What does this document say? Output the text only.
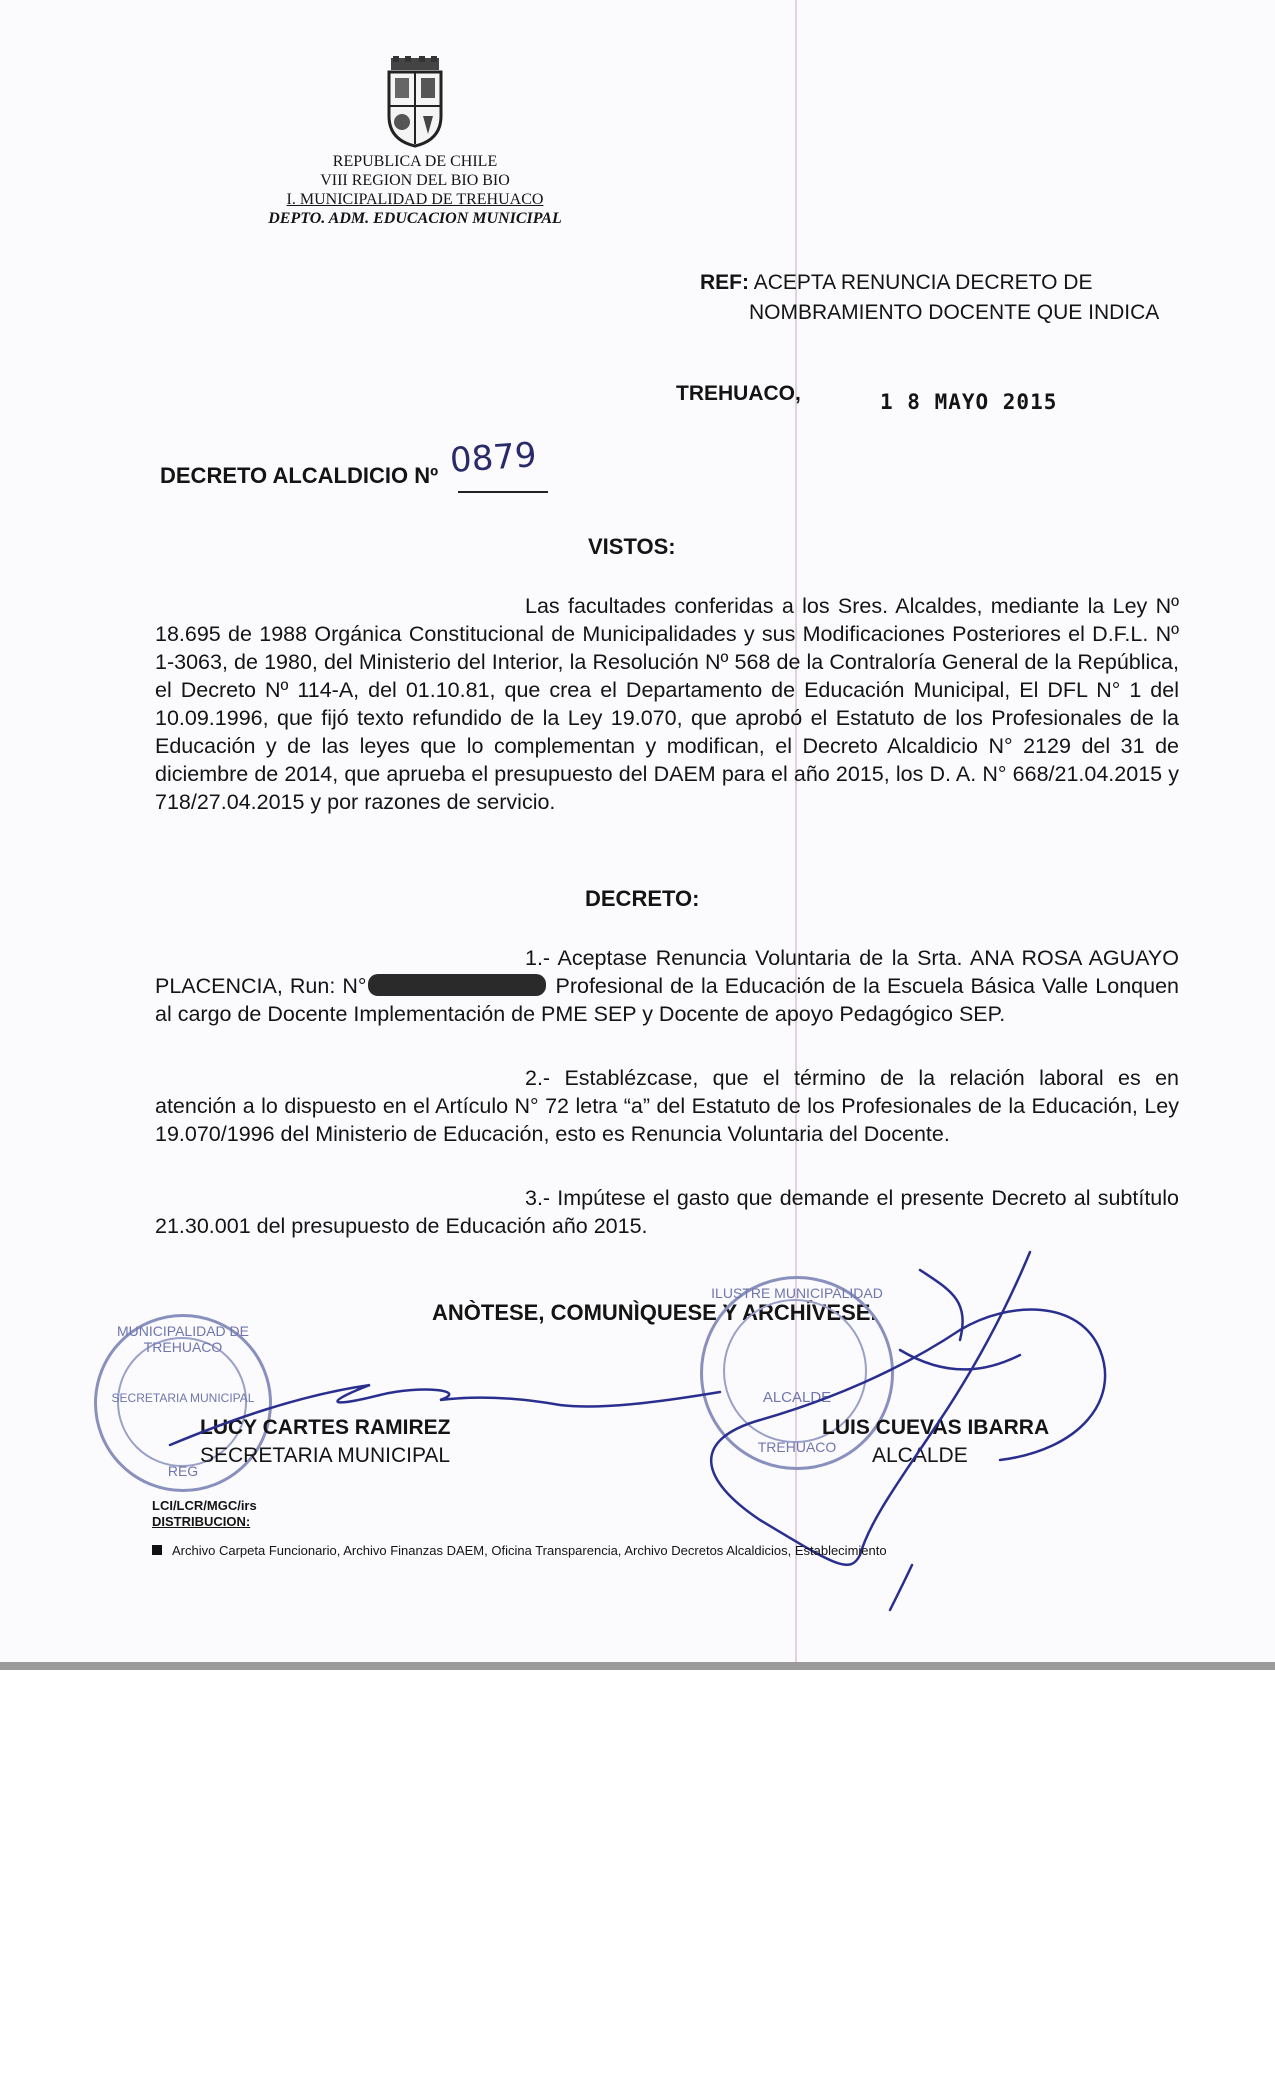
REPUBLICA DE CHILE
VIII REGION DEL BIO BIO
I. MUNICIPALIDAD DE TREHUACO
DEPTO. ADM. EDUCACION MUNICIPAL
REF: ACEPTA RENUNCIA DECRETO DE
NOMBRAMIENTO DOCENTE QUE INDICA
TREHUACO,	1 8 MAYO 2015
DECRETO ALCALDICIO Nº 0879
VISTOS:

Las facultades conferidas a los Sres. Alcaldes, mediante la Ley Nº 18.695 de 1988 Orgánica Constitucional de Municipalidades y sus Modificaciones Posteriores el D.F.L. Nº 1-3063, de 1980, del Ministerio del Interior, la Resolución Nº 568 de la Contraloría General de la República, el Decreto Nº 114-A, del 01.10.81, que crea el Departamento de Educación Municipal, El DFL N° 1 del 10.09.1996, que fijó texto refundido de la Ley 19.070, que aprobó el Estatuto de los Profesionales de la Educación y de las leyes que lo complementan y modifican, el Decreto Alcaldicio N° 2129 del 31 de diciembre de 2014, que aprueba el presupuesto del DAEM para el año 2015, los D. A. N° 668/21.04.2015 y 718/27.04.2015 y por razones de servicio.

DECRETO:

1.- Aceptase Renuncia Voluntaria de la Srta. ANA ROSA AGUAYO PLACENCIA, Run: N°	Profesional de la Educación de la Escuela Básica Valle Lonquen al cargo de Docente Implementación de PME SEP y Docente de apoyo Pedagógico SEP.

2.- Establézcase, que el término de la relación laboral es en atención a lo dispuesto en el Artículo N° 72 letra “a” del Estatuto de los Profesionales de la Educación, Ley 19.070/1996 del Ministerio de Educación, esto es Renuncia Voluntaria del Docente.

3.- Impútese el gasto que demande el presente Decreto al subtítulo 21.30.001 del presupuesto de Educación año 2015.

ANÒTESE, COMUNÌQUESE Y ARCHÍVESE.
MUNICIPALIDAD DE TREHUACO
SECRETARIA MUNICIPAL
REG
ILUSTRE MUNICIPALIDAD
ALCALDE
TREHUACO
LUCY CARTES RAMIREZ
SECRETARIA MUNICIPAL
LUIS CUEVAS IBARRA
ALCALDE
LCI/LCR/MGC/irs
DISTRIBUCION:
Archivo Carpeta Funcionario, Archivo Finanzas DAEM, Oficina Transparencia, Archivo Decretos Alcaldicios, Establecimiento
